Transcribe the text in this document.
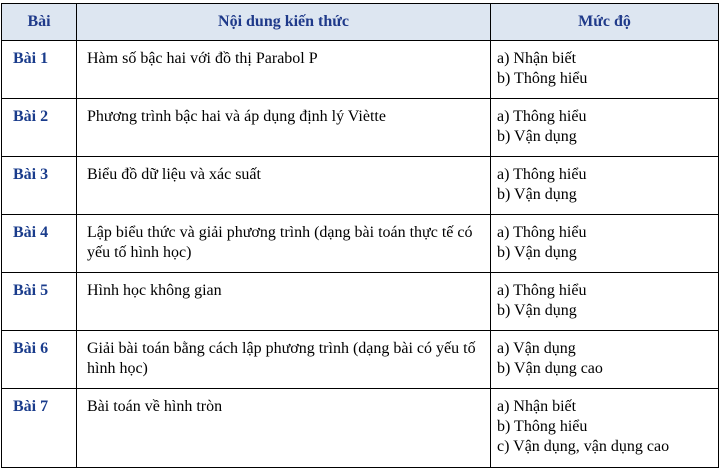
Bài	Nội dung kiến thức	Mức độ
Bài 1	Hàm số bậc hai với đồ thị Parabol P	a) Nhận biết
b) Thông hiểu

Bài 2	Phương trình bậc hai và áp dụng định lý Viètte	a) Thông hiểu
b) Vận dụng

Bài 3	Biểu đồ dữ liệu và xác suất	a) Thông hiểu
b) Vận dụng

Bài 4	Lập biểu thức và giải phương trình (dạng bài toán thực tế có yếu tố hình học)	a) Thông hiểu
b) Vận dụng

Bài 5	Hình học không gian	a) Thông hiểu
b) Vận dụng

Bài 6	Giải bài toán bằng cách lập phương trình (dạng bài có yếu tố hình học)	a) Vận dụng
b) Vận dụng cao

Bài 7	Bài toán về hình tròn	a) Nhận biết
b) Thông hiểu
c) Vận dụng, vận dụng cao
